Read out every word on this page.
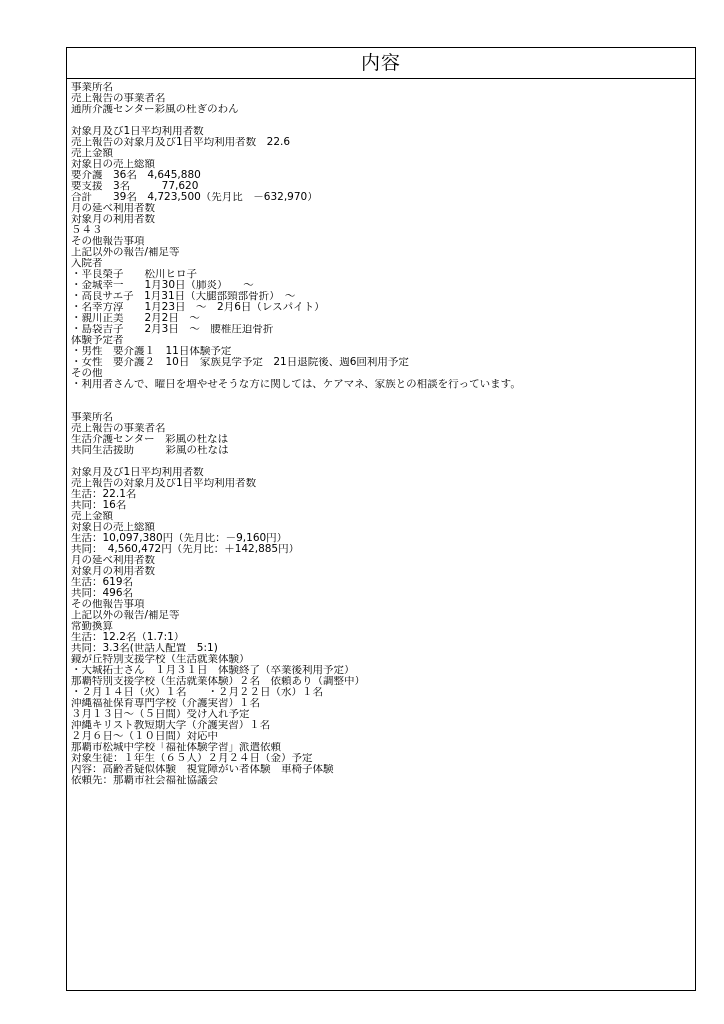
内容
事業所名
売上報告の事業者名
通所介護センター彩風の杜ぎのわん
対象月及び1日平均利用者数
売上報告の対象月及び1日平均利用者数　22.6
売上金額
対象日の売上総額
要介護　36名　4,645,880
要支援　3名　　　77,620
合計　　39名　4,723,500（先月比　－632,970）
月の延べ利用者数
対象月の利用者数
５４３
その他報告事項
上記以外の報告/補足等
入院者
・平良榮子　　松川ヒロ子
・金城幸一　　1月30日（肺炎）　　～
・高良サエ子　1月31日（大腿部頸部骨折）　～
・名幸方淳　　1月23日　～　2月6日（レスパイト）
・親川正美　　2月2日　～
・島袋吉子　　2月3日　～　腰椎圧迫骨折
体験予定者
・男性　要介護１　11日体験予定
・女性　要介護２　10日　家族見学予定　21日退院後、週6回利用予定
その他
・利用者さんで、曜日を増やせそうな方に関しては、ケアマネ、家族との相談を行っています。
事業所名
売上報告の事業者名
生活介護センター　彩風の杜なは
共同生活援助　　　彩風の杜なは
対象月及び1日平均利用者数
売上報告の対象月及び1日平均利用者数
生活：22.1名
共同：16名
売上金額
対象日の売上総額
生活：10,097,380円（先月比：－9,160円）
共同：　4,560,472円（先月比：＋142,885円）
月の延べ利用者数
対象月の利用者数
生活：619名
共同：496名
その他報告事項
上記以外の報告/補足等
常勤換算
生活：12.2名（1.7:1）
共同：3.3名(世話人配置　5:1)
鏡が丘特別支援学校（生活就業体験）
・大城拓士さん　１月３１日　体験終了（卒業後利用予定）
那覇特別支援学校（生活就業体験）２名　依頼あり（調整中）
・２月１４日（火）１名　　・２月２２日（水）１名
沖縄福祉保育専門学校（介護実習）１名
３月１３日～（５日間）受け入れ予定
沖縄キリスト教短期大学（介護実習）１名
２月６日～（１０日間）対応中
那覇市松城中学校「福祉体験学習」派遣依頼
対象生徒：１年生（６５人）２月２４日（金）予定
内容：高齢者疑似体験　視覚障がい者体験　車椅子体験
依頼先：那覇市社会福祉協議会
